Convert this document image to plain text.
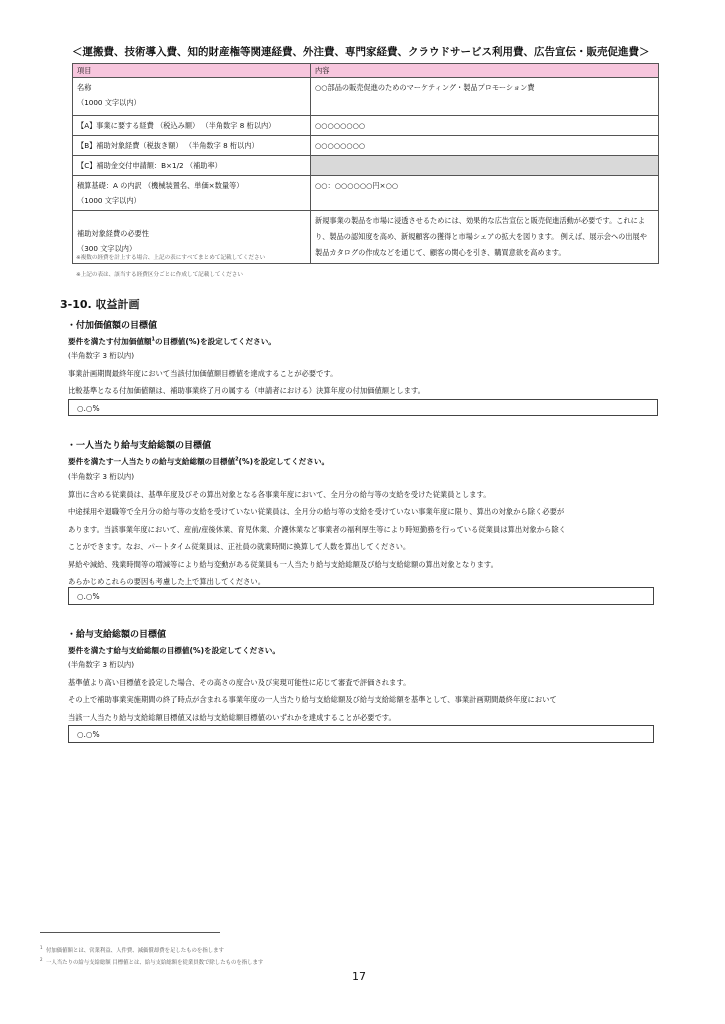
＜運搬費、技術導入費、知的財産権等関連経費、外注費、専門家経費、クラウドサービス利用費、広告宣伝・販売促進費＞
項目	内容

名称
（1000 文字以内）	○○部品の販売促進のためのマーケティング・製品プロモーション費
【A】事業に要する経費 （税込み額） （半角数字 8 桁以内）	○○○○○○○○
【B】補助対象経費（税抜き額） （半角数字 8 桁以内）	○○○○○○○○
【C】補助金交付申請額：B×1/2 （補助率）	

積算基礎：A の内訳 （機械装置名、単価×数量等）
（1000 文字以内）	○○：○○○○○○円×○○

補助対象経費の必要性
（300 文字以内）	新規事業の製品を市場に浸透させるためには、効果的な広告宣伝と販売促進活動が必要です。これにより、製品の認知度を高め、新規顧客の獲得と市場シェアの拡大を図ります。 例えば、展示会への出展や製品カタログの作成などを通じて、顧客の関心を引き、購買意欲を高めます。
※複数の経費を計上する場合、上記の表にすべてまとめて記載してください
※上記の表は、該当する経費区分ごとに作成して記載してください
3-10. 収益計画
・付加価値額の目標値
要件を満たす付加価値額$^1$の目標値(%)を設定してください。
(半角数字 3 桁以内)
事業計画期間最終年度において当該付加価値額目標値を達成することが必要です。
比較基準となる付加価値額は、補助事業終了月の属する（申請者における）決算年度の付加価値額とします。
○.○%
・一人当たり給与支給総額の目標値
要件を満たす一人当たりの給与支給総額の目標値$^2$(%)を設定してください。
(半角数字 3 桁以内)
算出に含める従業員は、基準年度及びその算出対象となる各事業年度において、全月分の給与等の支給を受けた従業員とします。
中途採用や退職等で全月分の給与等の支給を受けていない従業員は、全月分の給与等の支給を受けていない事業年度に限り、算出の対象から除く必要が
あります。当該事業年度において、産前/産後休業、育児休業、介護休業など事業者の福利厚生等により時短勤務を行っている従業員は算出対象から除く
ことができます。なお、パートタイム従業員は、正社員の就業時間に換算して人数を算出してください。
昇給や減給、残業時間等の増減等により給与変動がある従業員も一人当たり給与支給総額及び給与支給総額の算出対象となります。
あらかじめこれらの要因も考慮した上で算出してください。
○.○%
・給与支給総額の目標値
要件を満たす給与支給総額の目標値(%)を設定してください。
(半角数字 3 桁以内)
基準値より高い目標値を設定した場合、その高さの度合い及び実現可能性に応じて審査で評価されます。
その上で補助事業実施期間の終了時点が含まれる事業年度の一人当たり給与支給総額及び給与支給総額を基準として、事業計画期間最終年度において
当該一人当たり給与支給総額目標値又は給与支給総額目標値のいずれかを達成することが必要です。
○.○%
$^1$  付加価値額とは、営業利益、人件費、減価償却費を足したものを指します
$^2$  一人当たりの給与支給総額 目標値とは、給与支給総額を従業員数で除したものを指します
17
